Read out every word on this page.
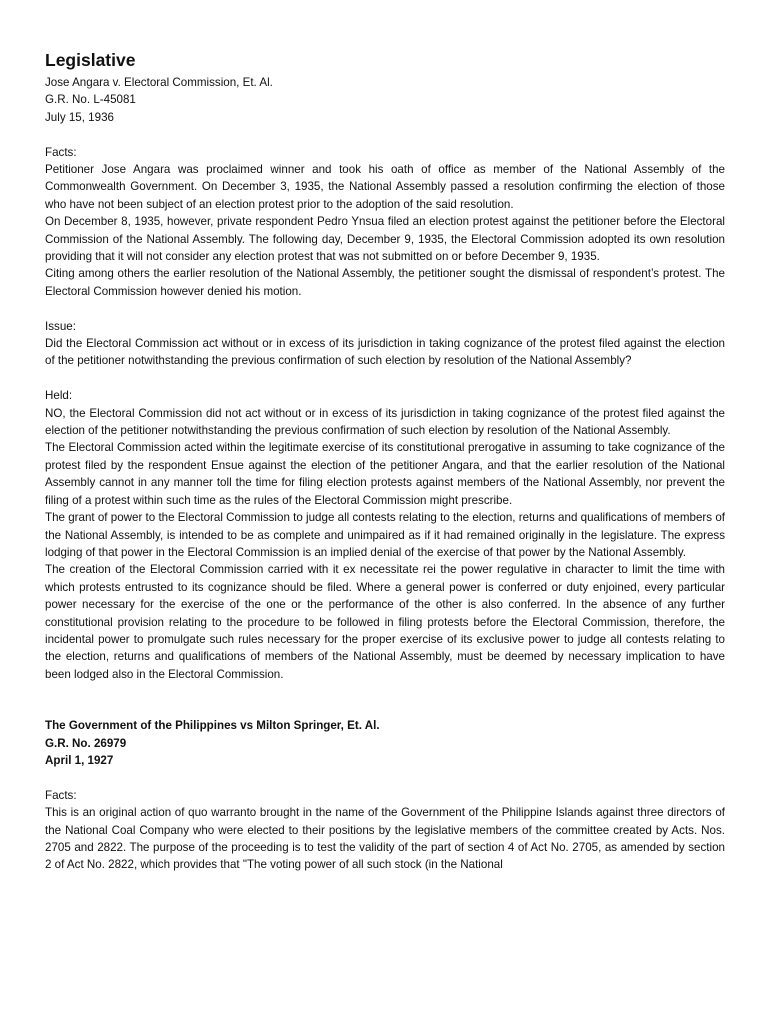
Legislative

Jose Angara v. Electoral Commission, Et. Al.

G.R. No. L-45081

July 15, 1936

Facts:

Petitioner Jose Angara was proclaimed winner and took his oath of office as member of the National Assembly of the Commonwealth Government. On December 3, 1935, the National Assembly passed a resolution confirming the election of those who have not been subject of an election protest prior to the adoption of the said resolution.

On December 8, 1935, however, private respondent Pedro Ynsua filed an election protest against the petitioner before the Electoral Commission of the National Assembly. The following day, December 9, 1935, the Electoral Commission adopted its own resolution providing that it will not consider any election protest that was not submitted on or before December 9, 1935.

Citing among others the earlier resolution of the National Assembly, the petitioner sought the dismissal of respondent’s protest. The Electoral Commission however denied his motion.

Issue:

Did the Electoral Commission act without or in excess of its jurisdiction in taking cognizance of the protest filed against the election of the petitioner notwithstanding the previous confirmation of such election by resolution of the National Assembly?

Held:

NO, the Electoral Commission did not act without or in excess of its jurisdiction in taking cognizance of the protest filed against the election of the petitioner notwithstanding the previous confirmation of such election by resolution of the National Assembly.

The Electoral Commission acted within the legitimate exercise of its constitutional prerogative in assuming to take cognizance of the protest filed by the respondent Ensue against the election of the petitioner Angara, and that the earlier resolution of the National Assembly cannot in any manner toll the time for filing election protests against members of the National Assembly, nor prevent the filing of a protest within such time as the rules of the Electoral Commission might prescribe.

The grant of power to the Electoral Commission to judge all contests relating to the election, returns and qualifications of members of the National Assembly, is intended to be as complete and unimpaired as if it had remained originally in the legislature. The express lodging of that power in the Electoral Commission is an implied denial of the exercise of that power by the National Assembly.

The creation of the Electoral Commission carried with it ex necessitate rei the power regulative in character to limit the time with which protests entrusted to its cognizance should be filed. Where a general power is conferred or duty enjoined, every particular power necessary for the exercise of the one or the performance of the other is also conferred. In the absence of any further constitutional provision relating to the procedure to be followed in filing protests before the Electoral Commission, therefore, the incidental power to promulgate such rules necessary for the proper exercise of its exclusive power to judge all contests relating to the election, returns and qualifications of members of the National Assembly, must be deemed by necessary implication to have been lodged also in the Electoral Commission.

The Government of the Philippines vs Milton Springer, Et. Al.

G.R. No. 26979

April 1, 1927

Facts:

This is an original action of quo warranto brought in the name of the Government of the Philippine Islands against three directors of the National Coal Company who were elected to their positions by the legislative members of the committee created by Acts. Nos. 2705 and 2822. The purpose of the proceeding is to test the validity of the part of section 4 of Act No. 2705, as amended by section 2 of Act No. 2822, which provides that "The voting power of all such stock (in the National
